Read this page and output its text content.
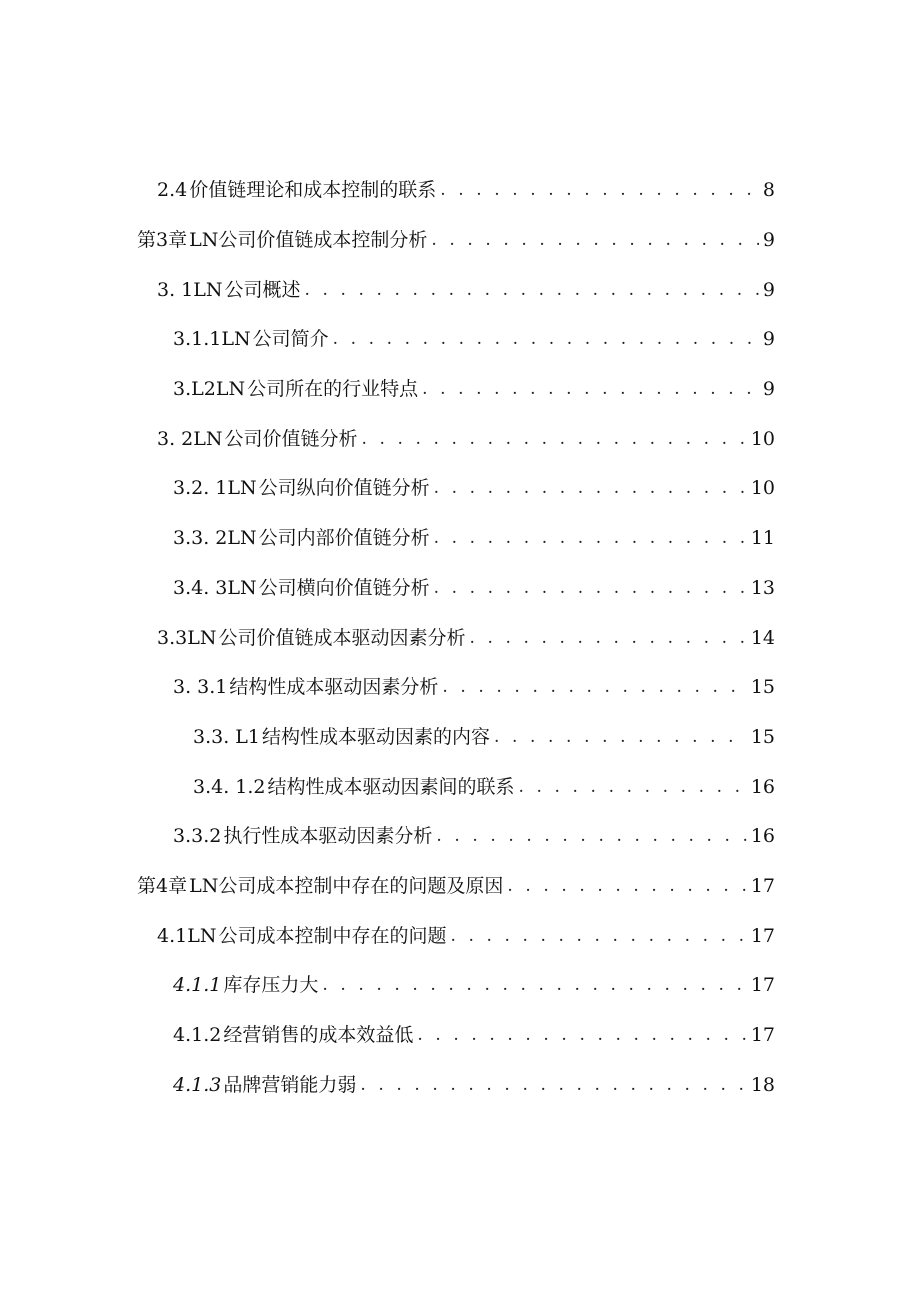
2.4 价值链理论和成本控制的联系 . . .	8
第3章 LN公司价值链成本控制分析 . . .	9
3. 1LN 公司概述 . . .	9
3.1.1LN 公司简介 . . .	9
3.L2LN 公司所在的行业特点 . . .	9
3. 2LN 公司价值链分析 . . .	10
3.2. 1LN 公司纵向价值链分析 . . .	10
3.3. 2LN 公司内部价值链分析 . . .	11
3.4. 3LN 公司横向价值链分析 . . .	13
3.3LN 公司价值链成本驱动因素分析 . . .	14
3. 3.1 结构性成本驱动因素分析 . . .	15
3.3. L1 结构性成本驱动因素的内容 . . .	15
3.4. 1.2 结构性成本驱动因素间的联系 . . .	16
3.3.2 执行性成本驱动因素分析 . . .	16
第4章 LN公司成本控制中存在的问题及原因 . . .	17
4.1LN 公司成本控制中存在的问题 . . .	17
4.1.1 库存压力大 . . .	17
4.1.2 经营销售的成本效益低 . . .	17
4.1.3 品牌营销能力弱 . . .	18
